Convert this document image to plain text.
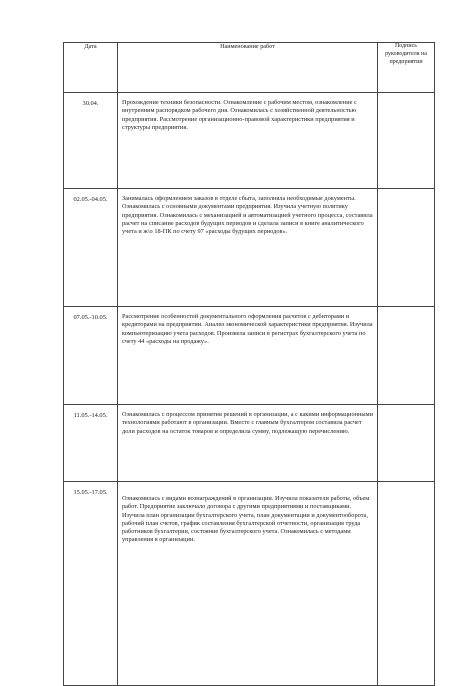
Дата	Наименование работ	Подпись руководителя на предприятии
30.04.	Прохождение техники безопасности. Ознакомление с рабочим местом, ознакомление с внутренним распорядком рабочего дня. Ознакомилась с хозяйственной деятельностью предприятия. Рассмотрение организационно-правовой характеристики предприятия и структуры предприятия.	
02.05.-04.05.	Занималась оформлением заказов в отделе сбыта, заполняла необходимые документы. Ознакомилась с основными документами предприятия. Изучила учетную политику предприятия. Ознакомилась с механизацией и автоматизацией учетного процесса, составила расчет на списание расходов будущих периодов и сделала записи в книге аналитического учета и ж\о 18-ПК по счету 97 «расходы будущих периодов».	
07.05.-10.05.	Рассмотрение особенностей документального оформления расчетов с дебиторами и кредиторами на предприятии. Анализ экономической характеристики предприятия. Изучила компьютеризацию учета расходов. Произвела записи в регистрах бухгалтерского учета по счету 44 «расходы на продажу».	
11.05.-14.05.	Ознакомилась с процессом принятия решений в организации, а с какими информационными технологиями работают в организации. Вместе с главным бухгалтером составила расчет доли расходов на остаток товаров и определила сумму, подлежащую перечислению.	
15.05.-17.05.	Ознакомилась с видами вознаграждений в организации. Изучила показатели работы, объем работ. Предприятие заключало договора с другими предприятиями и поставщиками. Изучила план организации бухгалтерского учета, план документации и документооборота, рабочий план счетов, график составления бухгалтерской отчетности, организация труда работников бухгалтерии, состояние бухгалтерского учета. Ознакомилась с методами управления в организации.	
